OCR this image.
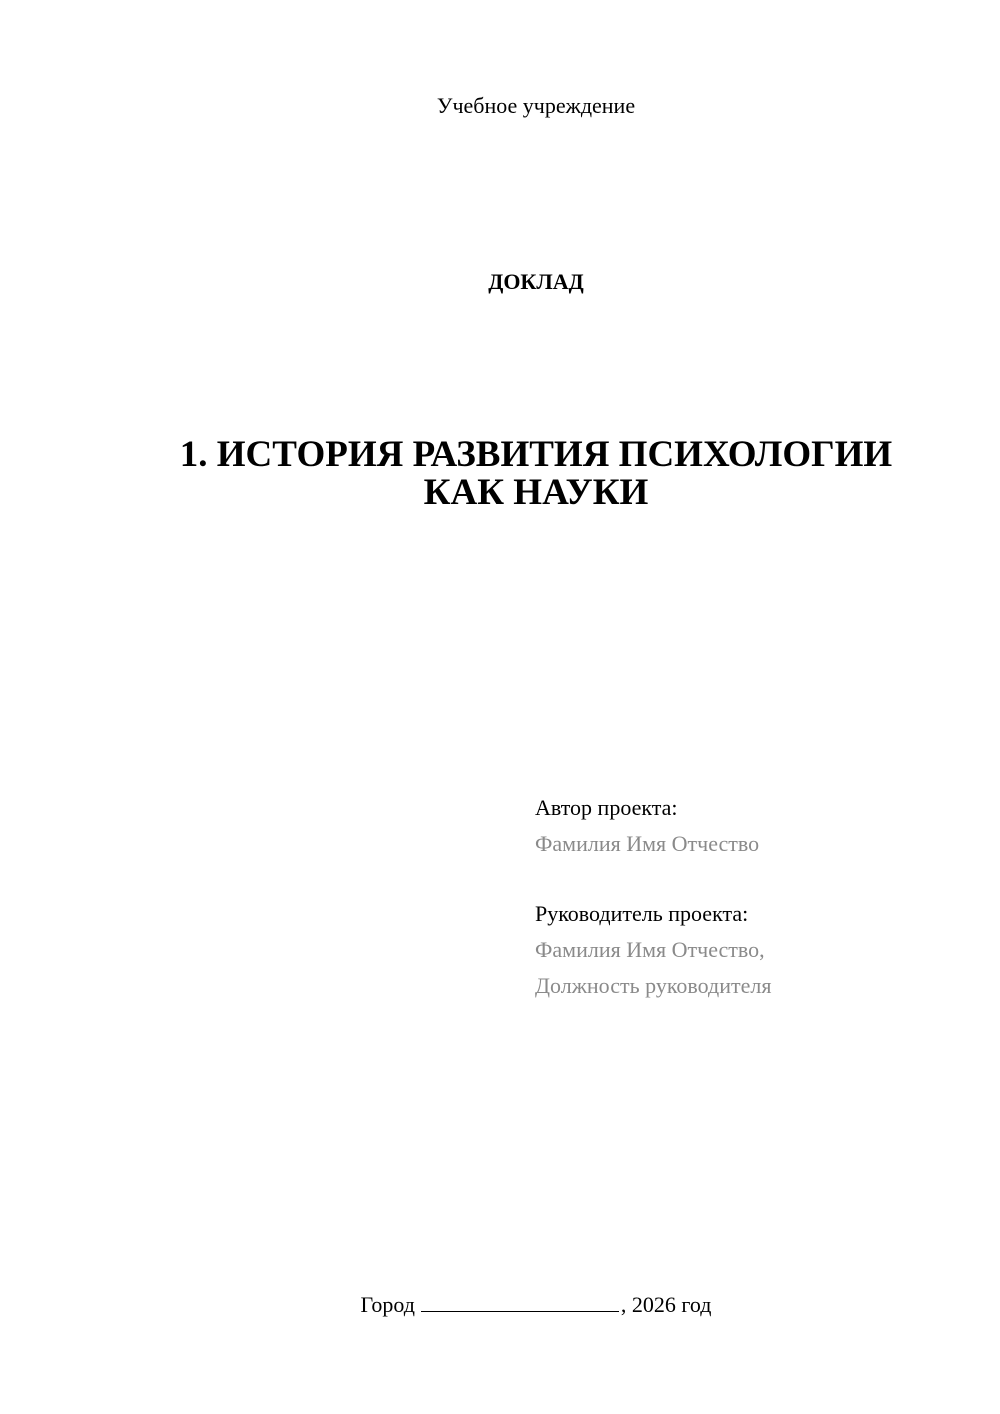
Учебное учреждение
ДОКЛАД
1. ИСТОРИЯ РАЗВИТИЯ ПСИХОЛОГИИ
КАК НАУКИ
Автор проекта:
Фамилия Имя Отчество
Руководитель проекта:
Фамилия Имя Отчество,
Должность руководителя
Город	, 2026 год
